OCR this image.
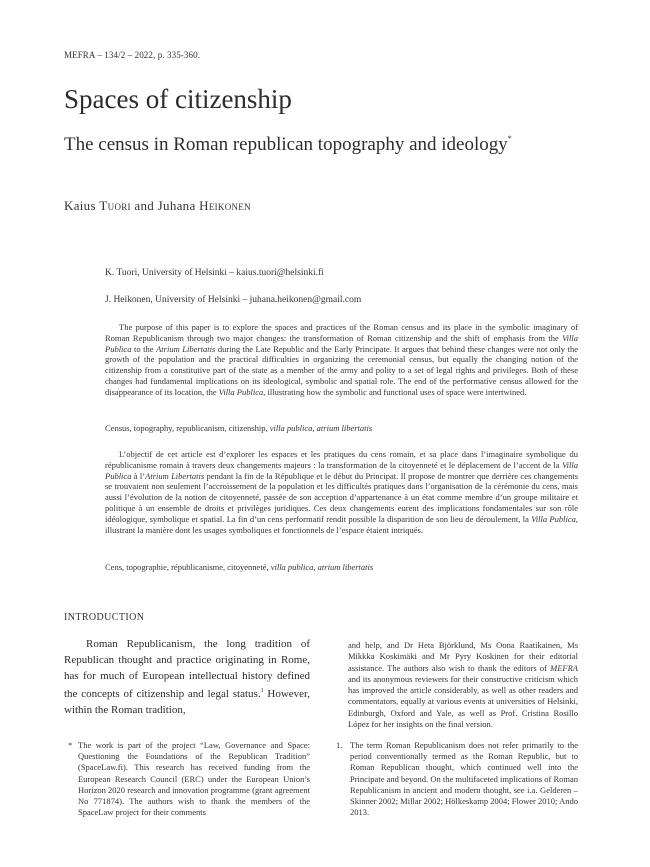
MEFRA – 134/2 – 2022, p. 335-360.
Spaces of citizenship
The census in Roman republican topography and ideology*
Kaius Tuori and Juhana Heikonen
K. Tuori, University of Helsinki – kaius.tuori@helsinki.fi
J. Heikonen, University of Helsinki – juhana.heikonen@gmail.com

The purpose of this paper is to explore the spaces and practices of the Roman census and its place in the symbolic imaginary of Roman Republicanism through two major changes: the transformation of Roman citizenship and the shift of emphasis from the Villa Publica to the Atrium Libertatis during the Late Republic and the Early Principate. It argues that behind these changes were not only the growth of the population and the practical difficulties in organizing the ceremonial census, but equally the changing notion of the citizenship from a constitutive part of the state as a member of the army and polity to a set of legal rights and privileges. Both of these changes had fundamental implications on its ideological, symbolic and spatial role. The end of the performative census allowed for the disappearance of its location, the Villa Publica, illustrating how the symbolic and functional uses of space were intertwined.

Census, topography, republicanism, citizenship, villa publica, atrium libertatis

L’objectif de cet article est d’explorer les espaces et les pratiques du cens romain, et sa place dans l’imaginaire symbolique du républicanisme romain à travers deux changements majeurs : la transformation de la citoyenneté et le déplacement de l’accent de la Villa Publica à l’Atrium Libertatis pendant la fin de la République et le début du Principat. Il propose de montrer que derrière ces changements se trouvaient non seulement l’accroissement de la population et les difficultés pratiques dans l’organisation de la cérémonie du cens, mais aussi l’évolution de la notion de citoyenneté, passée de son acception d’appartenance à un état comme membre d’un groupe militaire et politique à un ensemble de droits et privilèges juridiques. Ces deux changements eurent des implications fondamentales sur son rôle idéologique, symbolique et spatial. La fin d’un cens performatif rendit possible la disparition de son lieu de déroulement, la Villa Publica, illustrant la manière dont les usages symboliques et fonctionnels de l’espace étaient intriqués.

Cens, topographie, républicanisme, citoyenneté, villa publica, atrium libertatis
INTRODUCTION

Roman Republicanism, the long tradition of Republican thought and practice originating in Rome, has for much of European intellectual history defined the concepts of citizenship and legal status.$^1$ However, within the Roman tradition,

and help, and Dr Heta Björklund, Ms Oona Raatikainen, Ms Mikkka Koskimäki and Mr Pyry Koskinen for their editorial assistance. The authors also wish to thank the editors of MEFRA and its anonymous reviewers for their constructive criticism which has improved the article considerably, as well as other readers and commentators, equally at various events at universities of Helsinki, Edinburgh, Oxford and Yale, as well as Prof. Cristina Rosillo López for her insights on the final version.
* The work is part of the project “Law, Governance and Space: Questioning the Foundations of the Republican Tradition” (SpaceLaw.fi). This research has received funding from the European Research Council (ERC) under the European Union’s Horizon 2020 research and innovation programme (grant agreement No 771874). The authors wish to thank the members of the SpaceLaw project for their comments
1. The term Roman Republicanism does not refer primarily to the period conventionally termed as the Roman Republic, but to Roman Republican thought, which continued well into the Principate and beyond. On the multifaceted implications of Roman Republicanism in ancient and modern thought, see i.a. Gelderen – Skinner 2002; Millar 2002; Hölkeskamp 2004; Flower 2010; Ando 2013.
